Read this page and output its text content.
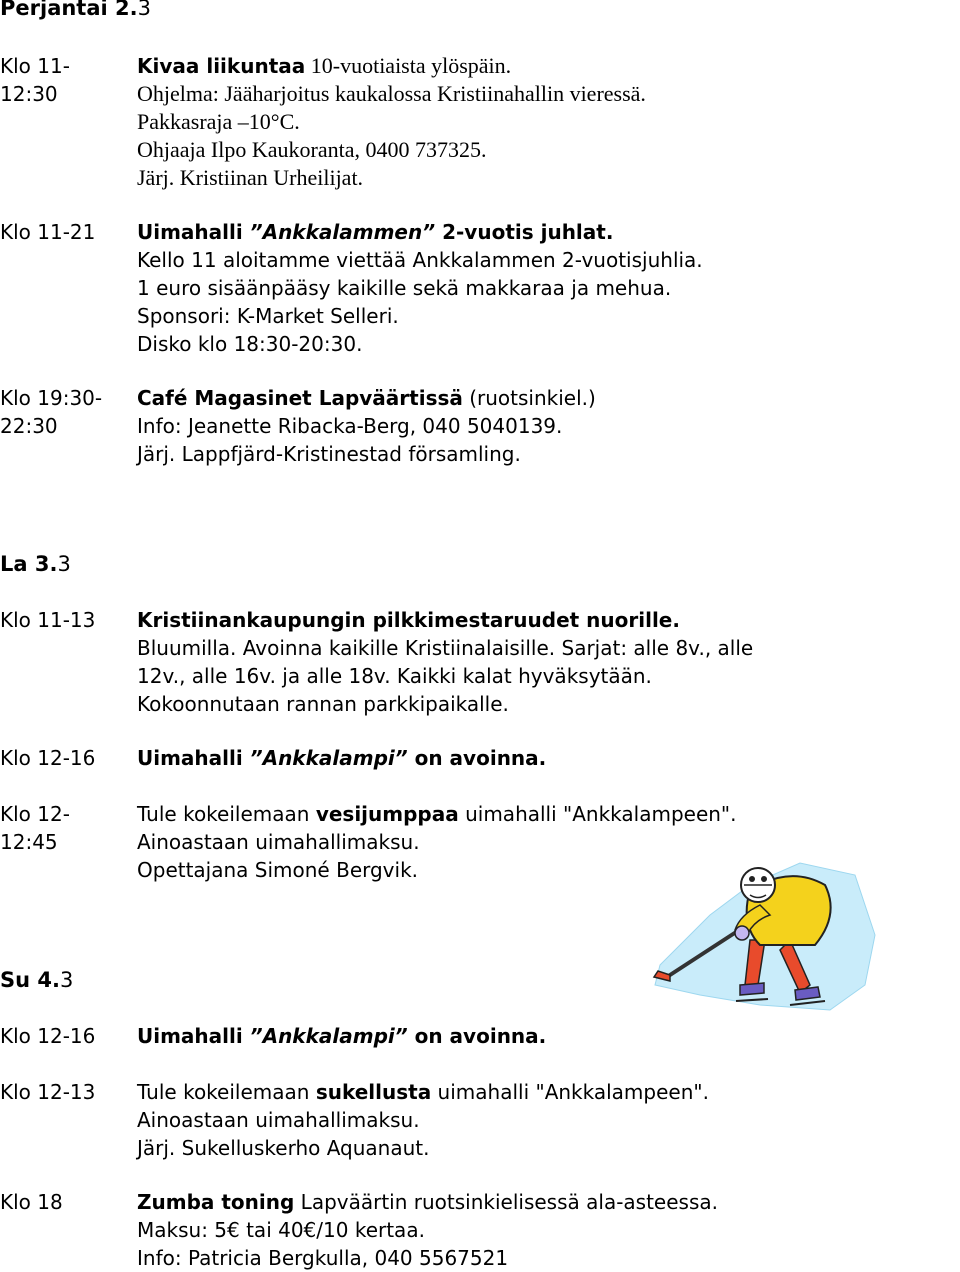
Perjantai 2.3
Klo 11-
12:30
Kivaa liikuntaa 10-vuotiaista ylöspäin.
Ohjelma: Jääharjoitus kaukalossa Kristiinahallin vieressä.
Pakkasraja –10°C.
Ohjaaja Ilpo Kaukoranta, 0400 737325.
Järj. Kristiinan Urheilijat.
Klo 11-21 Uimahalli ”Ankkalammen” 2-vuotis juhlat.
Kello 11 aloitamme viettää Ankkalammen 2-vuotisjuhlia.
1 euro sisäänpääsy kaikille sekä makkaraa ja mehua.
Sponsori: K-Market Selleri.
Disko klo 18:30-20:30.
Klo 19:30-
22:30
Café Magasinet Lapväärtissä (ruotsinkiel.)
Info: Jeanette Ribacka-Berg, 040 5040139.
Järj. Lappfjärd-Kristinestad församling.
La 3.3
Klo 11-13 Kristiinankaupungin pilkkimestaruudet nuorille.
Bluumilla. Avoinna kaikille Kristiinalaisille. Sarjat: alle 8v., alle
12v., alle 16v. ja alle 18v. Kaikki kalat hyväksytään.
Kokoonnutaan rannan parkkipaikalle.
Klo 12-16 Uimahalli ”Ankkalampi” on avoinna.
Klo 12-
12:45
Tule kokeilemaan vesijumppaa uimahalli "Ankkalampeen".
Ainoastaan uimahallimaksu.
Opettajana Simoné Bergvik.
Su 4.3
Klo 12-16 Uimahalli ”Ankkalampi” on avoinna.
Klo 12-13 Tule kokeilemaan sukellusta uimahalli "Ankkalampeen".
Ainoastaan uimahallimaksu.
Järj. Sukelluskerho Aquanaut.
Klo 18	Zumba toning Lapväärtin ruotsinkielisessä ala-asteessa.
Maksu: 5€ tai 40€/10 kertaa.
Info: Patricia Bergkulla, 040 5567521
